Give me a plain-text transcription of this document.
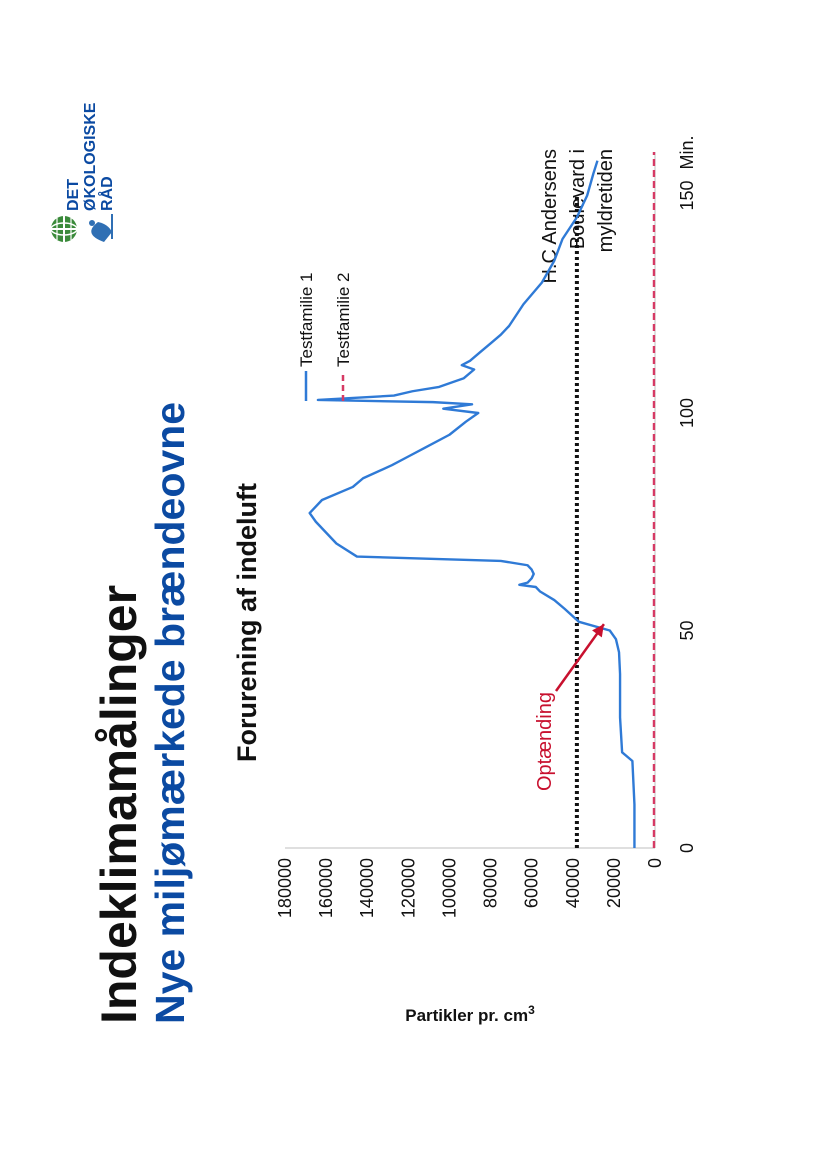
Indeklimamålinger Nye miljømærkede brændeovne Forurening af indeluft
DET ØKOLOGISKE RÅD
0
20000
40000
60000
80000
100000
120000
140000
160000
180000
0
50
100
150
Min.
Partikler pr. $cm^3$
H.C Andersens Boulevard i myldretiden
Testfamilie 1 Testfamilie 2
Optænding
